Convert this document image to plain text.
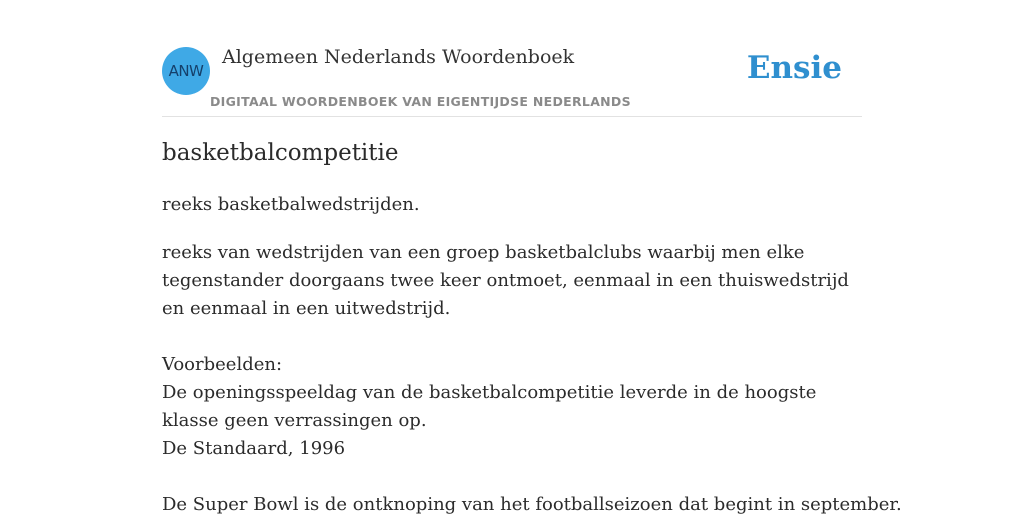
ANW
Algemeen Nederlands Woordenboek
DIGITAAL WOORDENBOEK VAN EIGENTIJDSE NEDERLANDS
Ensie
basketbalcompetitie
reeks basketbalwedstrijden.

reeks van wedstrijden van een groep basketbalclubs waarbij men elke tegenstander doorgaans twee keer ontmoet, eenmaal in een thuiswedstrijd en eenmaal in een uitwedstrijd.

Voorbeelden:

De openingsspeeldag van de basketbalcompetitie leverde in de hoogste klasse geen verrassingen op.

De Standaard, 1996

De Super Bowl is de ontknoping van het footballseizoen dat begint in september.
